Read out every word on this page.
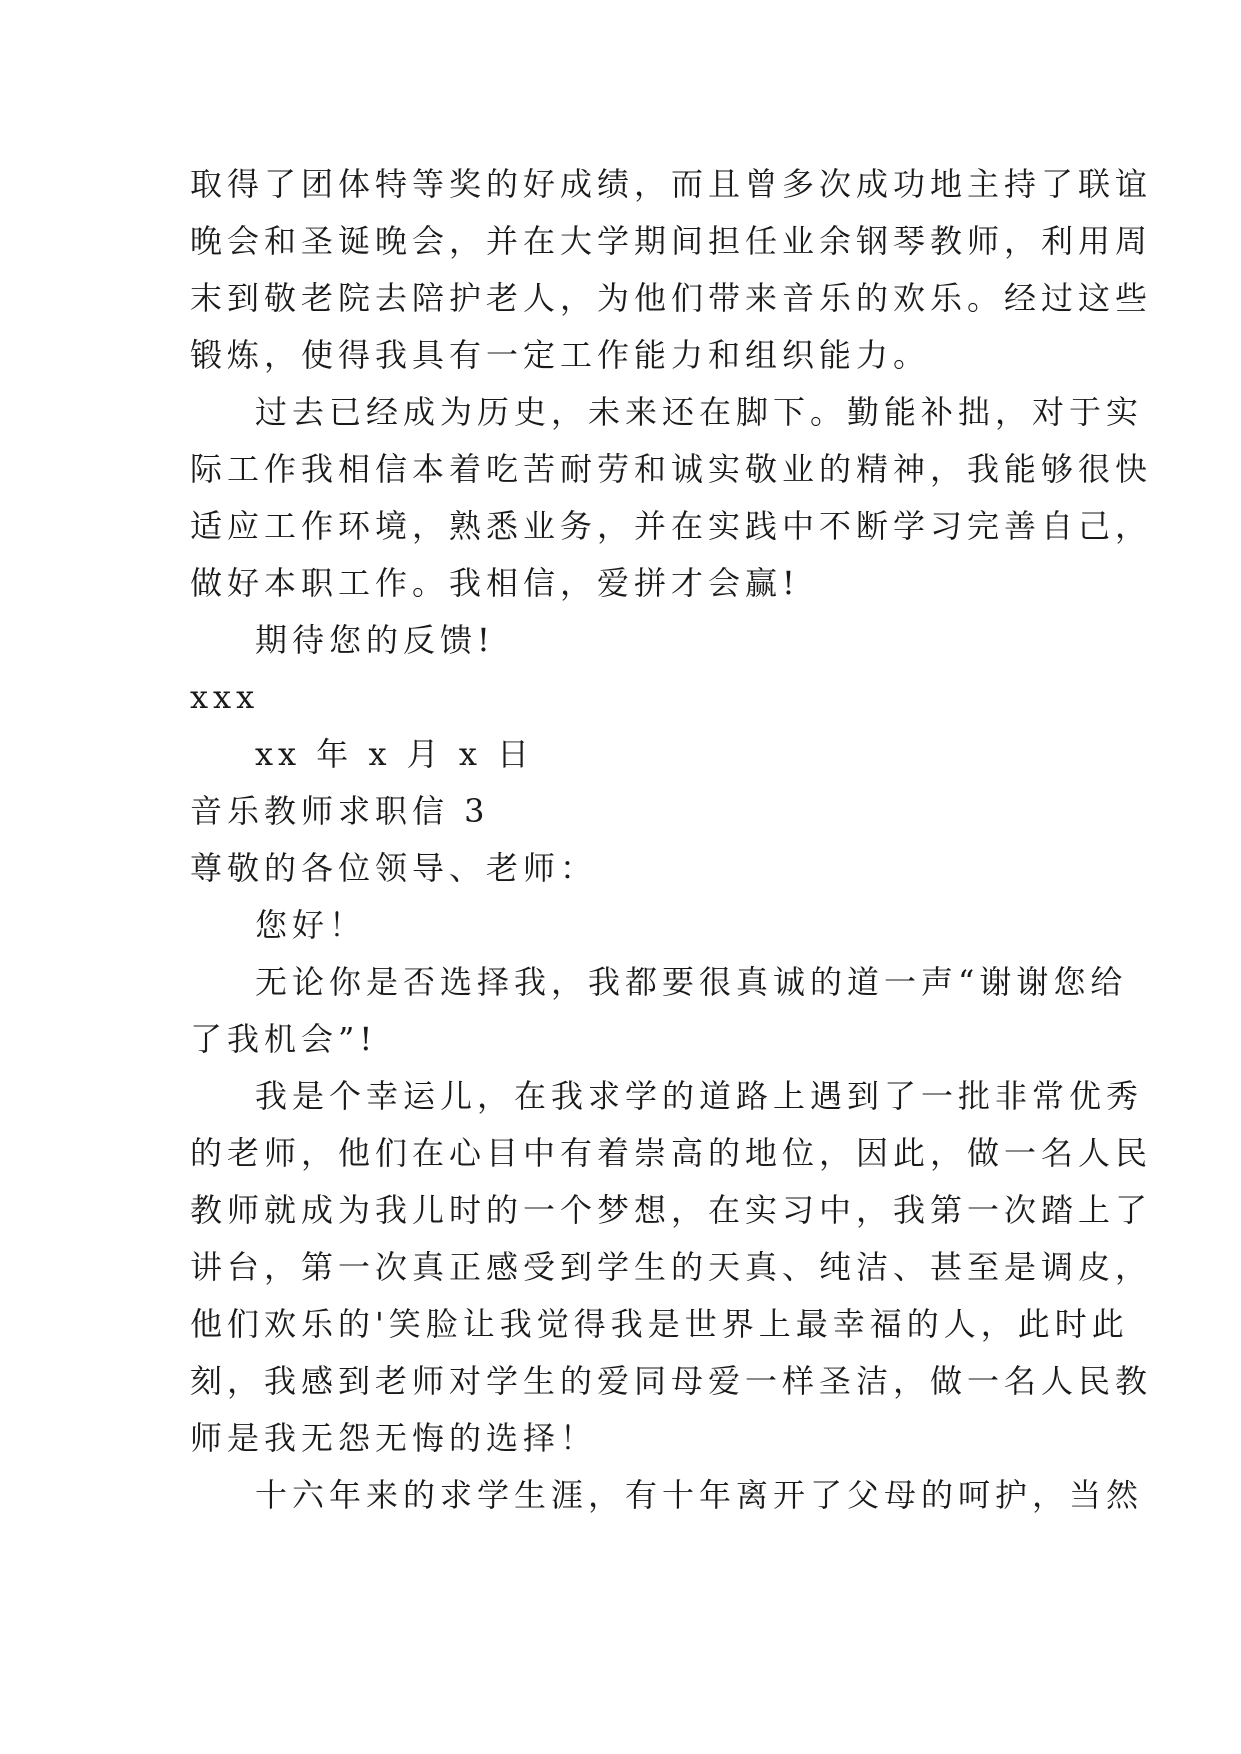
取得了团体特等奖的好成绩，而且曾多次成功地主持了联谊
晚会和圣诞晚会，并在大学期间担任业余钢琴教师，利用周
末到敬老院去陪护老人，为他们带来音乐的欢乐。经过这些
锻炼，使得我具有一定工作能力和组织能力。
过去已经成为历史，未来还在脚下。勤能补拙，对于实
际工作我相信本着吃苦耐劳和诚实敬业的精神，我能够很快
适应工作环境，熟悉业务，并在实践中不断学习完善自己，
做好本职工作。我相信，爱拼才会赢!
期待您的反馈!
xxx
xx 年 x 月 x 日
音乐教师求职信 3
尊敬的各位领导、老师：
您好！
无论你是否选择我，我都要很真诚的道一声“谢谢您给
了我机会”!
我是个幸运儿，在我求学的道路上遇到了一批非常优秀
的老师，他们在心目中有着崇高的地位，因此，做一名人民
教师就成为我儿时的一个梦想，在实习中，我第一次踏上了
讲台，第一次真正感受到学生的天真、纯洁、甚至是调皮，
他们欢乐的'笑脸让我觉得我是世界上最幸福的人，此时此
刻，我感到老师对学生的爱同母爱一样圣洁，做一名人民教
师是我无怨无悔的选择！
十六年来的求学生涯，有十年离开了父母的呵护，当然
